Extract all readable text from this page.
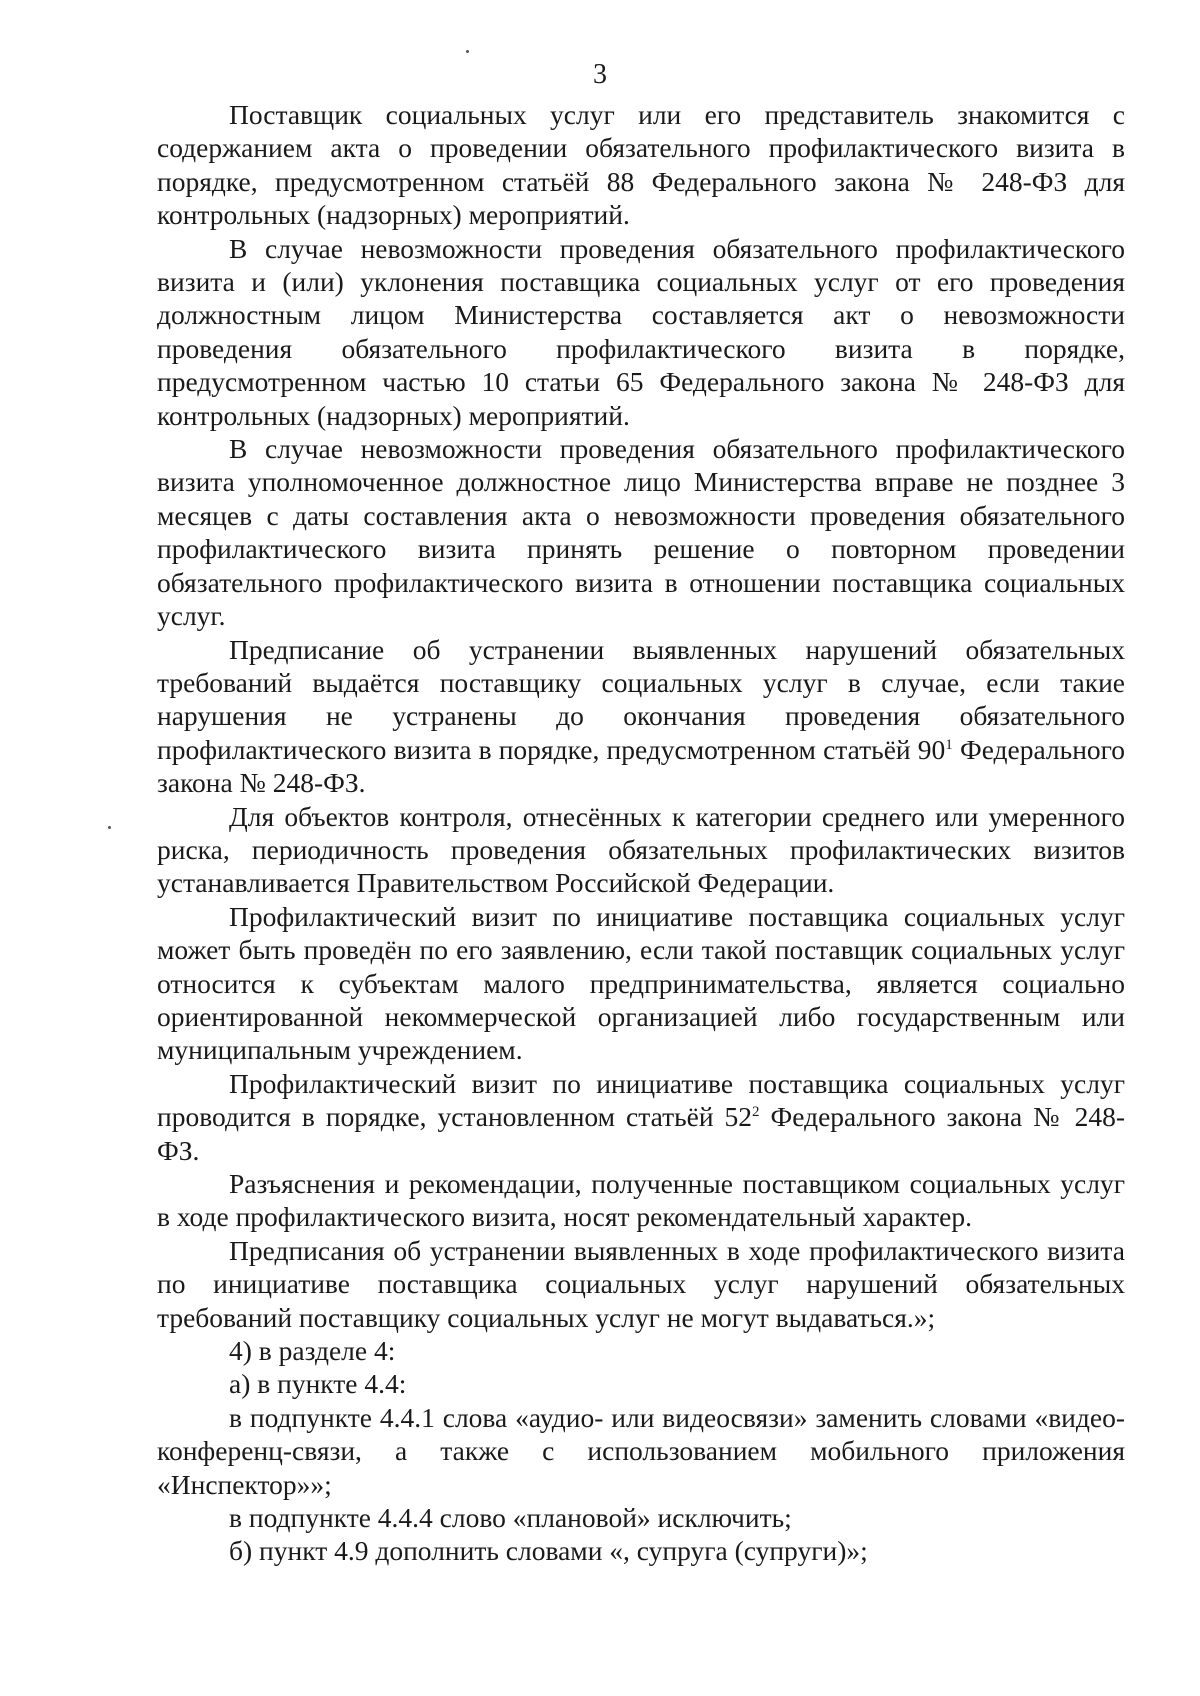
3

Поставщик социальных услуг или его представитель знакомится с содержанием акта о проведении обязательного профилактического визита в порядке, предусмотренном статьёй 88 Федерального закона № 248-ФЗ для контрольных (надзорных) мероприятий.

В случае невозможности проведения обязательного профилактического визита и (или) уклонения поставщика социальных услуг от его проведения должностным лицом Министерства составляется акт о невозможности проведения обязательного профилактического визита в порядке, предусмотренном частью 10 статьи 65 Федерального закона № 248-ФЗ для контрольных (надзорных) мероприятий.

В случае невозможности проведения обязательного профилактического визита уполномоченное должностное лицо Министерства вправе не позднее 3 месяцев с даты составления акта о невозможности проведения обязательного профилактического визита принять решение о повторном проведении обязательного профилактического визита в отношении поставщика социальных услуг.

Предписание об устранении выявленных нарушений обязательных требований выдаётся поставщику социальных услуг в случае, если такие нарушения не устранены до окончания проведения обязательного профилактического визита в порядке, предусмотренном статьёй $90^1$ Федерального закона № 248-ФЗ.

Для объектов контроля, отнесённых к категории среднего или умеренного риска, периодичность проведения обязательных профилактических визитов устанавливается Правительством Российской Федерации.

Профилактический визит по инициативе поставщика социальных услуг может быть проведён по его заявлению, если такой поставщик социальных услуг относится к субъектам малого предпринимательства, является социально ориентированной некоммерческой организацией либо государственным или муниципальным учреждением.

Профилактический визит по инициативе поставщика социальных услуг проводится в порядке, установленном статьёй $52^2$ Федерального закона № 248-ФЗ.

Разъяснения и рекомендации, полученные поставщиком социальных услуг в ходе профилактического визита, носят рекомендательный характер.

Предписания об устранении выявленных в ходе профилактического визита по инициативе поставщика социальных услуг нарушений обязательных требований поставщику социальных услуг не могут выдаваться.»;

4) в разделе 4:

а) в пункте 4.4:

в подпункте 4.4.1 слова «аудио- или видеосвязи» заменить словами «видео-конференц-связи, а также с использованием мобильного приложения «Инспектор»»;

в подпункте 4.4.4 слово «плановой» исключить;

б) пункт 4.9 дополнить словами «, супруга (супруги)»;
